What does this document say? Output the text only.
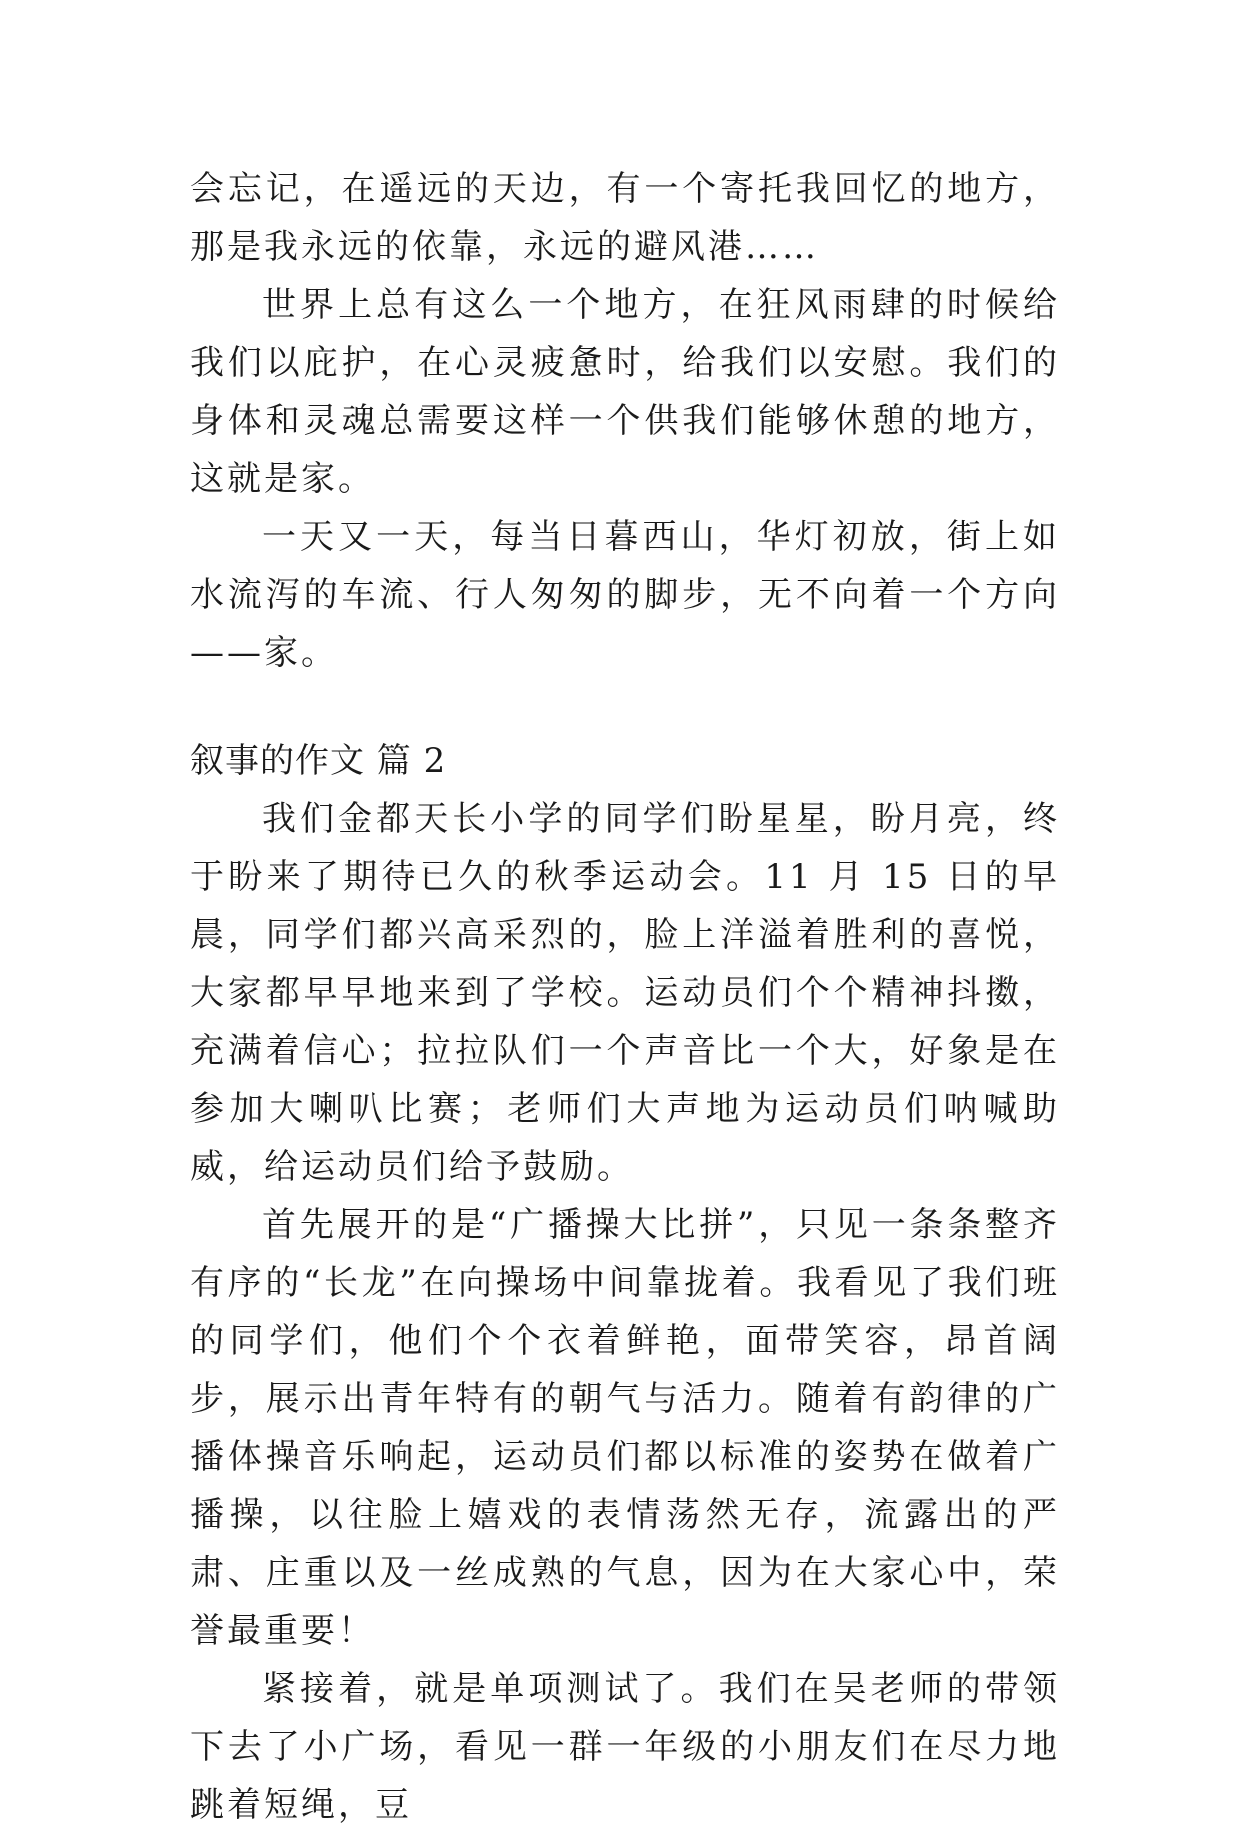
会忘记，在遥远的天边，有一个寄托我回忆的地方，那是我永远的依靠，永远的避风港……

世界上总有这么一个地方，在狂风雨肆的时候给我们以庇护，在心灵疲惫时，给我们以安慰。我们的身体和灵魂总需要这样一个供我们能够休憩的地方，这就是家。

一天又一天，每当日暮西山，华灯初放，街上如水流泻的车流、行人匆匆的脚步，无不向着一个方向——家。

叙事的作文 篇 2

我们金都天长小学的同学们盼星星，盼月亮，终于盼来了期待已久的秋季运动会。11 月 15 日的早晨，同学们都兴高采烈的，脸上洋溢着胜利的喜悦，大家都早早地来到了学校。运动员们个个精神抖擞，充满着信心；拉拉队们一个声音比一个大，好象是在参加大喇叭比赛；老师们大声地为运动员们呐喊助威，给运动员们给予鼓励。

首先展开的是“广播操大比拼”，只见一条条整齐有序的“长龙”在向操场中间靠拢着。我看见了我们班的同学们，他们个个衣着鲜艳，面带笑容，昂首阔步，展示出青年特有的朝气与活力。随着有韵律的广播体操音乐响起，运动员们都以标准的姿势在做着广播操，以往脸上嬉戏的表情荡然无存，流露出的严肃、庄重以及一丝成熟的气息，因为在大家心中，荣誉最重要！

紧接着，就是单项测试了。我们在吴老师的带领下去了小广场，看见一群一年级的小朋友们在尽力地跳着短绳，豆
